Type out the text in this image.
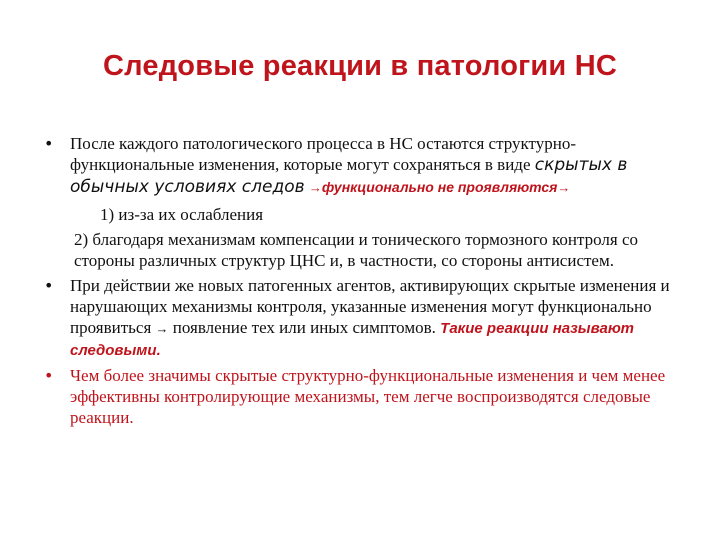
Следовые реакции в патологии НС
• После каждого патологического процесса в НС остаются структурно-функциональные изменения, которые могут сохраняться в виде скрытых в обычных условиях следов →функционально не проявляются→
1) из-за их ослабления
2) благодаря механизмам компенсации и тонического тормозного контроля со стороны различных структур ЦНС и, в частности, со стороны антисистем.
• При действии же новых патогенных агентов, активирующих скрытые изменения и нарушающих механизмы контроля, указанные изменения могут функционально проявиться → появление тех или иных симптомов. Такие реакции называют следовыми.
• Чем более значимы скрытые структурно-функциональные изменения и чем менее эффективны контролирующие механизмы, тем легче воспроизводятся следовые реакции.
